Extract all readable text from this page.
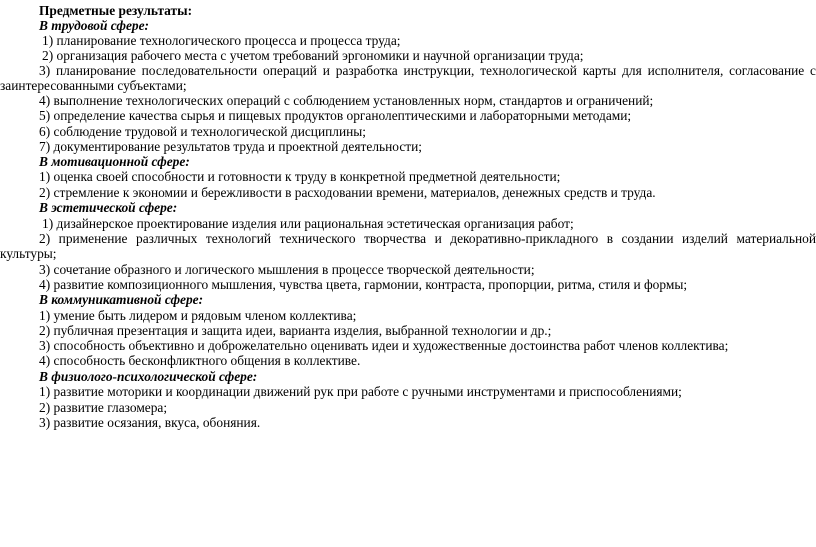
Предметные результаты:
В трудовой сфере:
1) планирование технологического процесса и процесса труда;
2) организация рабочего места с учетом требований эргономики и научной организации труда;
3) планирование последовательности операций и разработка инструкции, технологической карты для исполнителя, согласование с
заинтересованными субъектами;
4) выполнение технологических операций с соблюдением установленных норм, стандартов и ограничений;
5) определение качества сырья и пищевых продуктов органолептическими и лабораторными методами;
6) соблюдение трудовой и технологической дисциплины;
7) документирование результатов труда и проектной деятельности;
В мотивационной сфере:
1) оценка своей способности и готовности к труду в конкретной предметной деятельности;
2) стремление к экономии и бережливости в расходовании времени, материалов, денежных средств и труда.
В эстетической сфере:
1) дизайнерское проектирование изделия или рациональная эстетическая организация работ;
2) применение различных технологий технического творчества и декоративно-прикладного в создании изделий материальной
культуры;
3) сочетание образного и логического мышления в процессе творческой деятельности;
4) развитие композиционного мышления, чувства цвета, гармонии, контраста, пропорции, ритма, стиля и формы;
В коммуникативной сфере:
1) умение быть лидером и рядовым членом коллектива;
2) публичная презентация и защита идеи, варианта изделия, выбранной технологии и др.;
3) способность объективно и доброжелательно оценивать идеи и художественные достоинства работ членов коллектива;
4) способность бесконфликтного общения в коллективе.
В физиолого-психологической сфере:
1) развитие моторики и координации движений рук при работе с ручными инструментами и приспособлениями;
2) развитие глазомера;
3) развитие осязания, вкуса, обоняния.
